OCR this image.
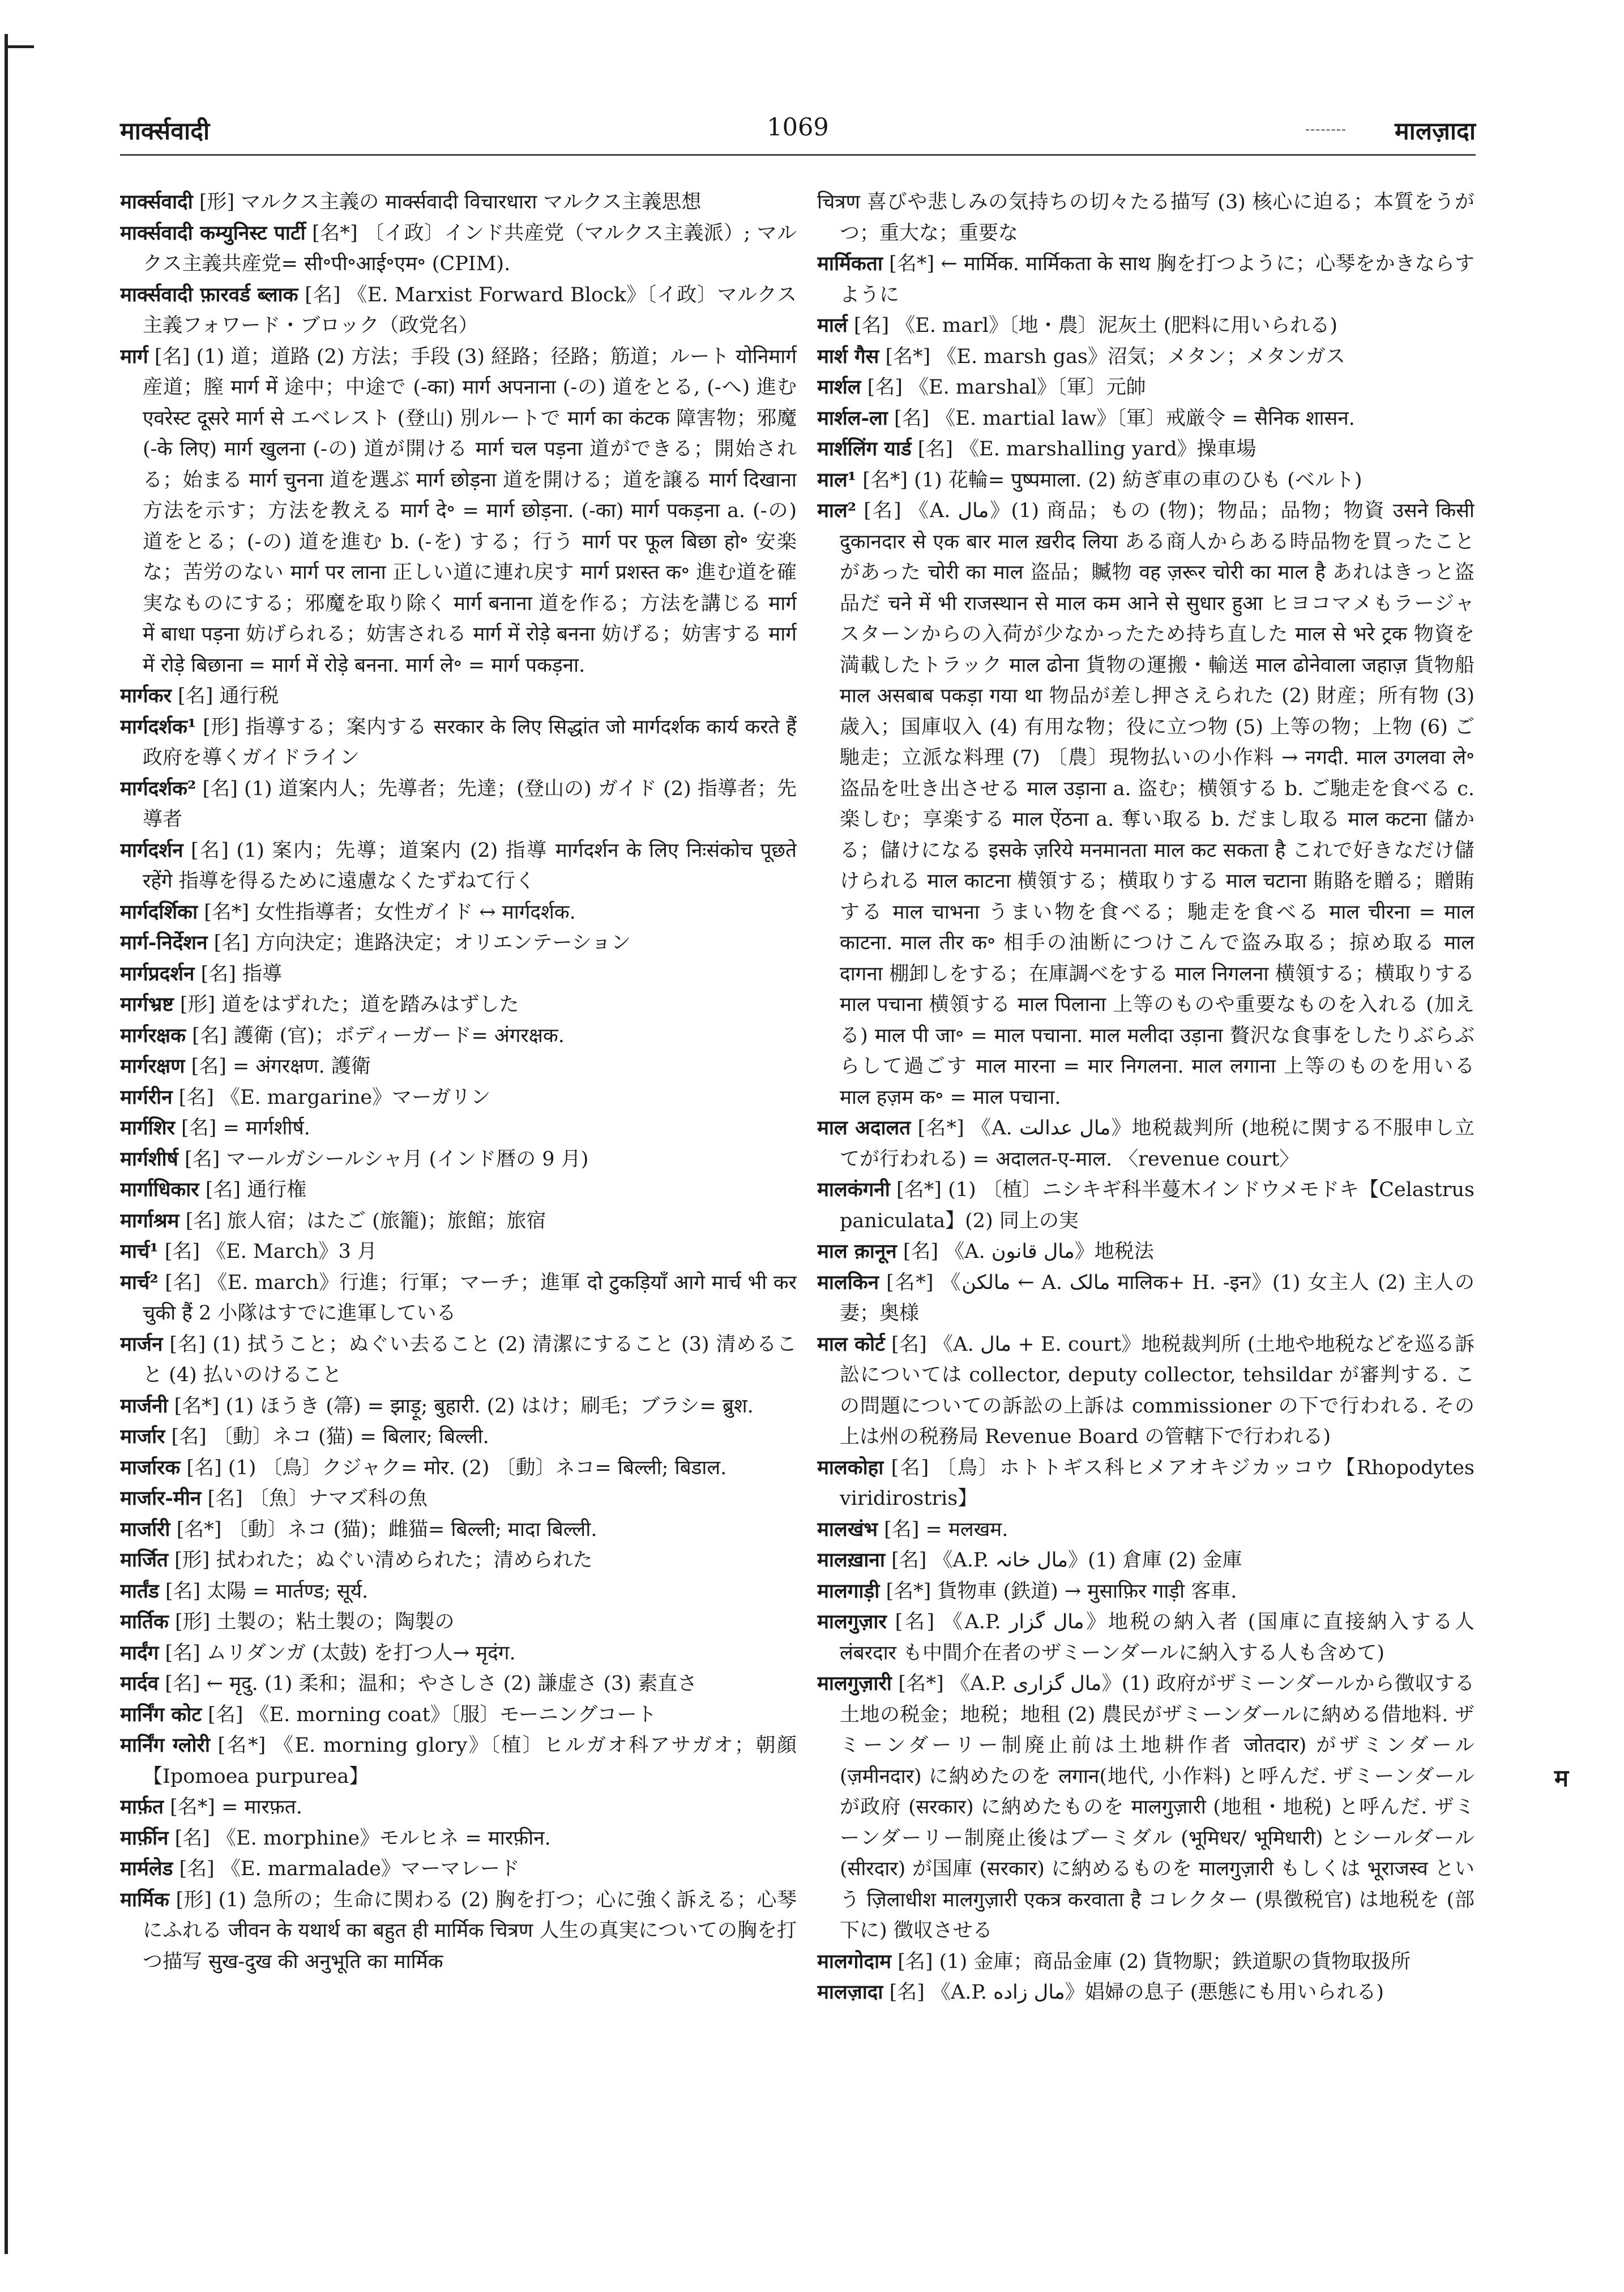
मार्क्सवादी	1069	मालज़ादा

मार्क्सवादी [形] マルクス主義の मार्क्सवादी विचारधारा マルクス主義思想

मार्क्सवादी कम्युनिस्ट पार्टी [名*] 〔イ政〕インド共産党（マルクス主義派）; マルクス主義共産党= सी॰पी॰आई॰एम॰ (CPIM).

मार्क्सवादी फ़ारवर्ड ब्लाक [名] 《E. Marxist Forward Block》〔イ政〕マルクス主義フォワード・ブロック（政党名）

मार्ग [名] (1) 道；道路 (2) 方法；手段 (3) 経路；径路；筋道；ルート योनिमार्ग 産道；膣 मार्ग में 途中；中途で (-का) मार्ग अपनाना (-の) 道をとる, (-へ) 進む एवरेस्ट दूसरे मार्ग से エベレスト (登山) 別ルートで मार्ग का कंटक 障害物；邪魔 (-के लिए) मार्ग खुलना (-の) 道が開ける मार्ग चल पड़ना 道ができる；開始される；始まる मार्ग चुनना 道を選ぶ मार्ग छोड़ना 道を開ける；道を譲る मार्ग दिखाना 方法を示す；方法を教える मार्ग दे॰ = मार्ग छोड़ना. (-का) मार्ग पकड़ना a. (-の) 道をとる；(-の) 道を進む b. (-を) する；行う मार्ग पर फूल बिछा हो॰ 安楽な；苦労のない मार्ग पर लाना 正しい道に連れ戻す मार्ग प्रशस्त क॰ 進む道を確実なものにする；邪魔を取り除く मार्ग बनाना 道を作る；方法を講じる मार्ग में बाधा पड़ना 妨げられる；妨害される मार्ग में रोड़े बनना 妨げる；妨害する मार्ग में रोड़े बिछाना = मार्ग में रोड़े बनना. मार्ग ले॰ = मार्ग पकड़ना.

मार्गकर [名] 通行税

मार्गदर्शक¹ [形] 指導する；案内する सरकार के लिए सिद्धांत जो मार्गदर्शक कार्य करते हैं 政府を導くガイドライン

मार्गदर्शक² [名] (1) 道案内人；先導者；先達；(登山の) ガイド (2) 指導者；先導者

मार्गदर्शन [名] (1) 案内；先導；道案内 (2) 指導 मार्गदर्शन के लिए निःसंकोच पूछते रहेंगे 指導を得るために遠慮なくたずねて行く

मार्गदर्शिका [名*] 女性指導者；女性ガイド ↔ मार्गदर्शक.

मार्ग-निर्देशन [名] 方向決定；進路決定；オリエンテーション

मार्गप्रदर्शन [名] 指導

मार्गभ्रष्ट [形] 道をはずれた；道を踏みはずした

मार्गरक्षक [名] 護衛 (官)；ボディーガード= अंगरक्षक.

मार्गरक्षण [名] = अंगरक्षण. 護衛

मार्गरीन [名] 《E. margarine》マーガリン

मार्गशिर [名] = मार्गशीर्ष.

मार्गशीर्ष [名] マールガシールシャ月 (インド暦の 9 月)

मार्गाधिकार [名] 通行権

मार्गाश्रम [名] 旅人宿；はたご (旅籠)；旅館；旅宿

मार्च¹ [名] 《E. March》3 月

मार्च² [名] 《E. march》行進；行軍；マーチ；進軍 दो टुकड़ियाँ आगे मार्च भी कर चुकी हैं 2 小隊はすでに進軍している

मार्जन [名] (1) 拭うこと；ぬぐい去ること (2) 清潔にすること (3) 清めること (4) 払いのけること

मार्जनी [名*] (1) ほうき (箒) = झाड़ू; बुहारी. (2) はけ；刷毛；ブラシ= ब्रुश.

मार्जार [名] 〔動〕ネコ (猫) = बिलार; बिल्ली.

मार्जारक [名] (1) 〔鳥〕クジャク= मोर. (2) 〔動〕ネコ= बिल्ली; बिडाल.

मार्जार-मीन [名] 〔魚〕ナマズ科の魚

मार्जारी [名*] 〔動〕ネコ (猫)；雌猫= बिल्ली; मादा बिल्ली.

मार्जित [形] 拭われた；ぬぐい清められた；清められた

मार्तंड [名] 太陽 = मार्तण्ड; सूर्य.

मार्तिक [形] 土製の；粘土製の；陶製の

मार्दंग [名] ムリダンガ (太鼓) を打つ人→ मृदंग.

मार्दव [名] ← मृदु. (1) 柔和；温和；やさしさ (2) 謙虚さ (3) 素直さ

मार्निंग कोट [名] 《E. morning coat》〔服〕モーニングコート

मार्निंग ग्लोरी [名*] 《E. morning glory》〔植〕ヒルガオ科アサガオ；朝顔【Ipomoea purpurea】

मार्फ़त [名*] = मारफ़त.

मार्फ़ीन [名] 《E. morphine》モルヒネ = मारफ़ीन.

मार्मलेड [名] 《E. marmalade》マーマレード

मार्मिक [形] (1) 急所の；生命に関わる (2) 胸を打つ；心に強く訴える；心琴にふれる जीवन के यथार्थ का बहुत ही मार्मिक चित्रण 人生の真実についての胸を打つ描写 सुख-दुख की अनुभूति का मार्मिक

चित्रण 喜びや悲しみの気持ちの切々たる描写 (3) 核心に迫る；本質をうがつ；重大な；重要な

मार्मिकता [名*] ← मार्मिक. मार्मिकता के साथ 胸を打つように；心琴をかきならすように

मार्ल [名] 《E. marl》〔地・農〕泥灰土 (肥料に用いられる)

मार्श गैस [名*] 《E. marsh gas》沼気；メタン；メタンガス

मार्शल [名] 《E. marshal》〔軍〕元帥

मार्शल-ला [名] 《E. martial law》〔軍〕戒厳令 = सैनिक शासन.

मार्शलिंग यार्ड [名] 《E. marshalling yard》操車場

माल¹ [名*] (1) 花輪= पुष्पमाला. (2) 紡ぎ車の車のひも (ベルト)

माल² [名] 《A. مال》(1) 商品；もの (物)；物品；品物；物資 उसने किसी दुकानदार से एक बार माल ख़रीद लिया ある商人からある時品物を買ったことがあった चोरी का माल 盗品；贓物 वह ज़रूर चोरी का माल है あれはきっと盗品だ चने में भी राजस्थान से माल कम आने से सुधार हुआ ヒヨコマメもラージャスターンからの入荷が少なかったため持ち直した माल से भरे ट्रक 物資を満載したトラック माल ढोना 貨物の運搬・輸送 माल ढोनेवाला जहाज़ 貨物船 माल असबाब पकड़ा गया था 物品が差し押さえられた (2) 財産；所有物 (3) 歳入；国庫収入 (4) 有用な物；役に立つ物 (5) 上等の物；上物 (6) ご馳走；立派な料理 (7) 〔農〕現物払いの小作料 → नगदी. माल उगलवा ले॰ 盗品を吐き出させる माल उड़ाना a. 盗む；横領する b. ご馳走を食べる c. 楽しむ；享楽する माल ऐंठना a. 奪い取る b. だまし取る माल कटना 儲かる；儲けになる इसके ज़रिये मनमानता माल कट सकता है これで好きなだけ儲けられる माल काटना 横領する；横取りする माल चटाना 賄賂を贈る；贈賄する माल चाभना うまい物を食べる；馳走を食べる माल चीरना = माल काटना. माल तीर क॰ 相手の油断につけこんで盗み取る；掠め取る माल दागना 棚卸しをする；在庫調べをする माल निगलना 横領する；横取りする माल पचाना 横領する माल पिलाना 上等のものや重要なものを入れる (加える) माल पी जा॰ = माल पचाना. माल मलीदा उड़ाना 贅沢な食事をしたりぶらぶらして過ごす माल मारना = मार निगलना. माल लगाना 上等のものを用いる माल हज़म क॰ = माल पचाना.

माल अदालत [名*] 《A. مال عدالت》地税裁判所 (地税に関する不服申し立てが行われる) = अदालत-ए-माल. 〈revenue court〉

मालकंगनी [名*] (1) 〔植〕ニシキギ科半蔓木インドウメモドキ【Celastrus paniculata】(2) 同上の実

माल क़ानून [名] 《A. مال قانون》地税法

मालकिन [名*] 《مالکن ← A. مالک मालिक+ H. -इन》(1) 女主人 (2) 主人の妻；奥様

माल कोर्ट [名] 《A. مال + E. court》地税裁判所 (土地や地税などを巡る訴訟については collector, deputy collector, tehsildar が審判する. この問題についての訴訟の上訴は commissioner の下で行われる. その上は州の税務局 Revenue Board の管轄下で行われる)

मालकोहा [名] 〔鳥〕ホトトギス科ヒメアオキジカッコウ【Rhopodytes viridirostris】

मालखंभ [名] = मलखम.

मालख़ाना [名] 《A.P. مال خانہ》(1) 倉庫 (2) 金庫

मालगाड़ी [名*] 貨物車 (鉄道) → मुसाफ़िर गाड़ी 客車.

मालगुज़ार [名] 《A.P. مال گزار》地税の納入者 (国庫に直接納入する人 लंबरदार も中間介在者のザミーンダールに納入する人も含めて)

मालगुज़ारी [名*] 《A.P. مال گزاری》(1) 政府がザミーンダールから徴収する土地の税金；地税；地租 (2) 農民がザミーンダールに納める借地料. ザミーンダーリー制廃止前は土地耕作者 जोतदार) がザミンダール (ज़मीनदार) に納めたのを लगान(地代, 小作料) と呼んだ. ザミーンダールが政府 (सरकार) に納めたものを मालगुज़ारी (地租・地税) と呼んだ. ザミーンダーリー制廃止後はブーミダル (भूमिधर/ भूमिधारी) とシールダール (सीरदार) が国庫 (सरकार) に納めるものを मालगुज़ारी もしくは भूराजस्व という ज़िलाधीश मालगुज़ारी एकत्र करवाता है コレクター (県徴税官) は地税を (部下に) 徴収させる

मालगोदाम [名] (1) 金庫；商品金庫 (2) 貨物駅；鉄道駅の貨物取扱所

मालज़ादा [名] 《A.P. مال زاده》娼婦の息子 (悪態にも用いられる)

म
